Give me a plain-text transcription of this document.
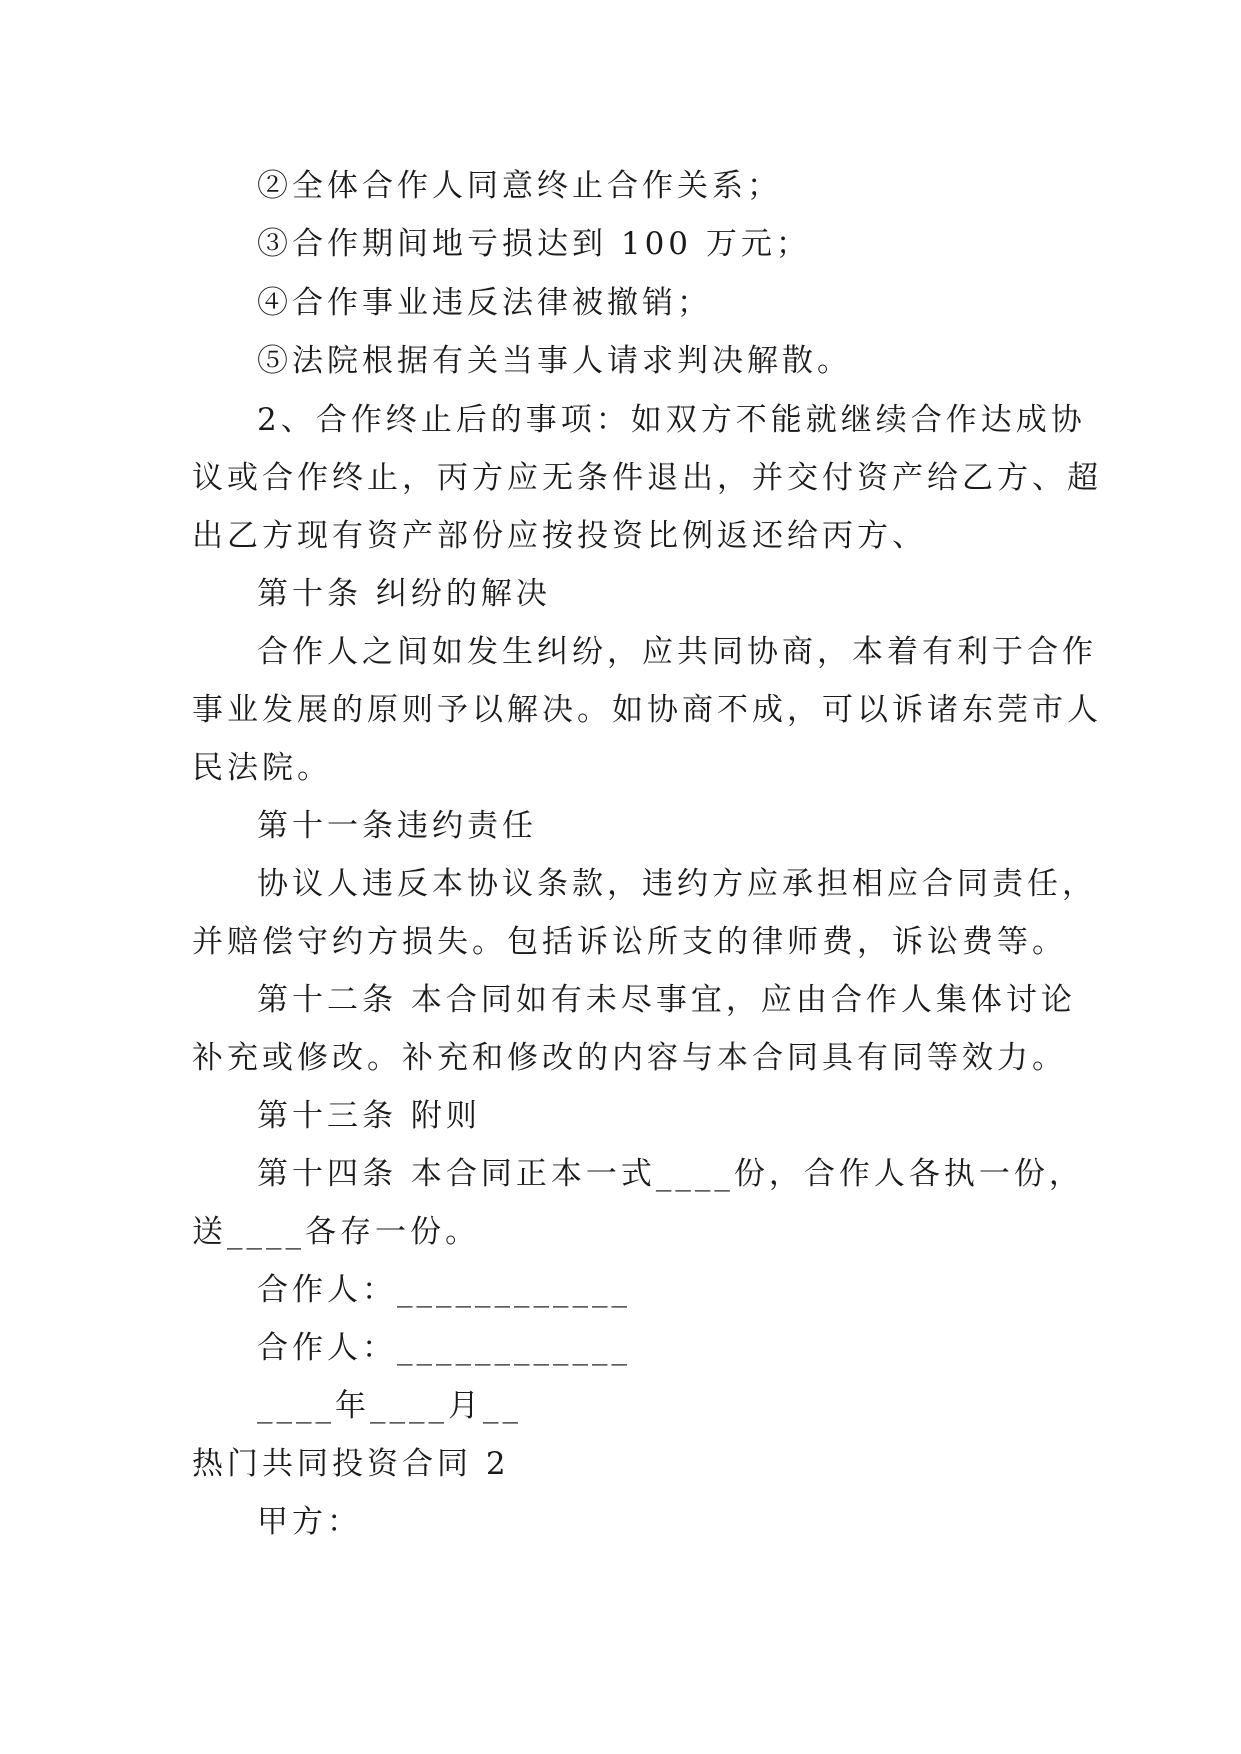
②全体合作人同意终止合作关系；
③合作期间地亏损达到 100 万元；
④合作事业违反法律被撤销；
⑤法院根据有关当事人请求判决解散。
2、合作终止后的事项：如双方不能就继续合作达成协
议或合作终止，丙方应无条件退出，并交付资产给乙方、超
出乙方现有资产部份应按投资比例返还给丙方、
第十条 纠纷的解决
合作人之间如发生纠纷，应共同协商，本着有利于合作
事业发展的原则予以解决。如协商不成，可以诉诸东莞市人
民法院。
第十一条违约责任
协议人违反本协议条款，违约方应承担相应合同责任，
并赔偿守约方损失。包括诉讼所支的律师费，诉讼费等。
第十二条 本合同如有未尽事宜，应由合作人集体讨论
补充或修改。补充和修改的内容与本合同具有同等效力。
第十三条 附则
第十四条 本合同正本一式____份，合作人各执一份，
送____各存一份。
合作人：____________
合作人：____________
____年____月__
热门共同投资合同 2
甲方：
